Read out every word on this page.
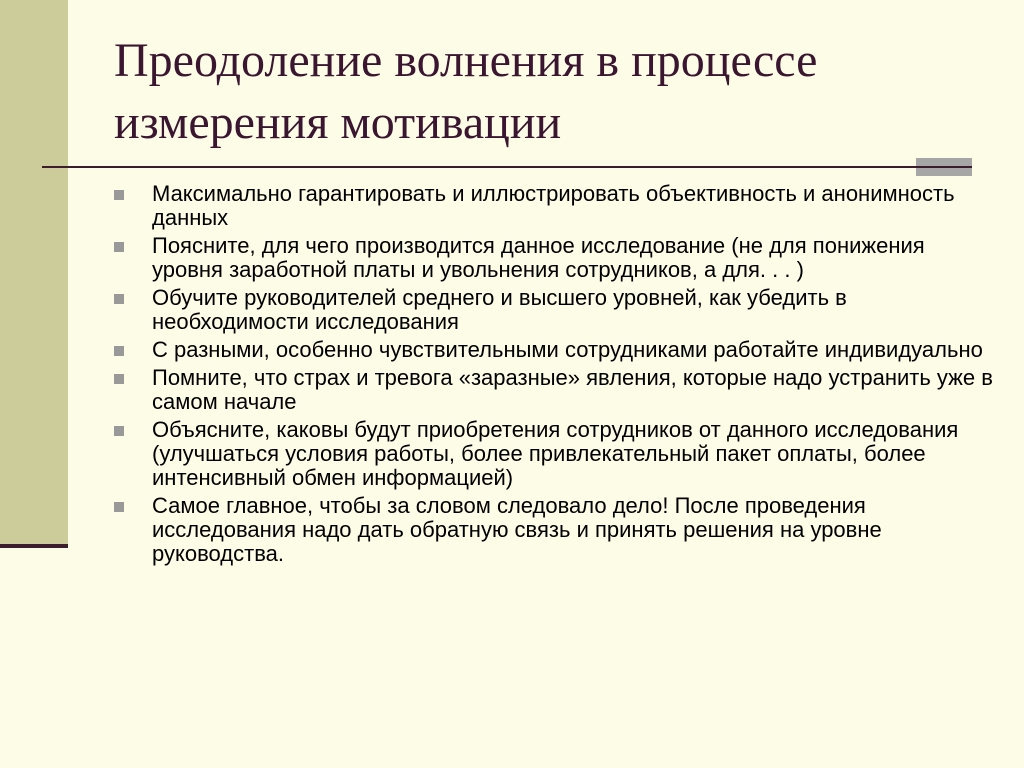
Преодоление волнения в процессе измерения мотивации
Максимально гарантировать и иллюстрировать объективность и анонимность данных
Поясните, для чего производится данное исследование (не для понижения уровня заработной платы и увольнения сотрудников, а для. . . )
Обучите руководителей среднего и высшего уровней, как убедить в необходимости исследования
С разными, особенно чувствительными сотрудниками работайте индивидуально
Помните, что страх и тревога «заразные» явления, которые надо устранить уже в самом начале
Объясните, каковы будут приобретения сотрудников от данного исследования (улучшаться условия работы, более привлекательный пакет оплаты, более интенсивный обмен информацией)
Самое главное, чтобы за словом следовало дело! После проведения исследования надо дать обратную связь и принять решения на уровне руководства.
